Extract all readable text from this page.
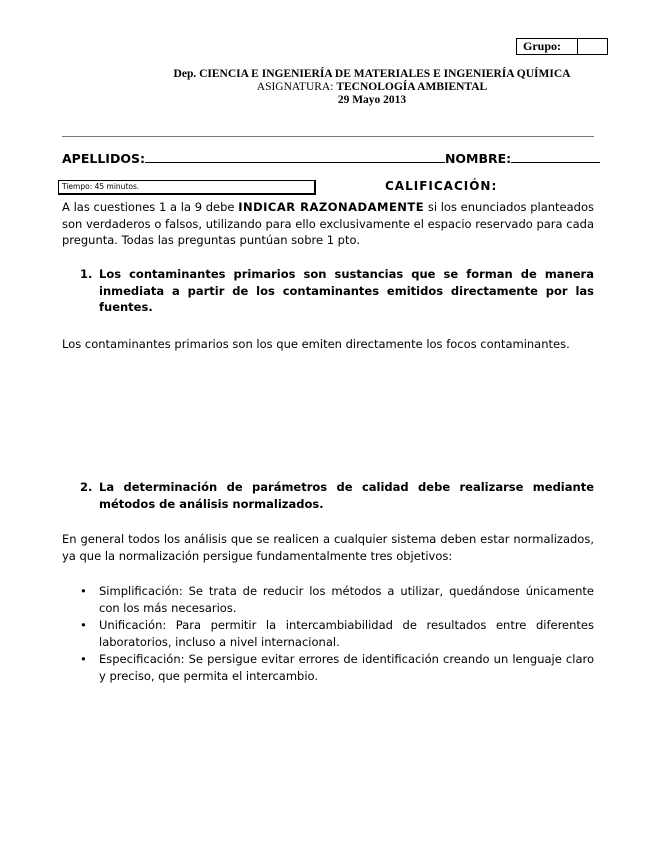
Grupo:
Dep. CIENCIA E INGENIERÍA DE MATERIALES E INGENIERÍA QUÍMICA
ASIGNATURA: TECNOLOGÍA AMBIENTAL
29 Mayo 2013
APELLIDOS:	NOMBRE:
Tiempo: 45 minutos.	CALIFICACIÓN:
A las cuestiones 1 a la 9 debe INDICAR RAZONADAMENTE si los enunciados planteados son verdaderos o falsos, utilizando para ello exclusivamente el espacio reservado para cada pregunta. Todas las preguntas puntúan sobre 1 pto.
1. Los contaminantes primarios son sustancias que se forman de manera inmediata a partir de los contaminantes emitidos directamente por las fuentes.
Los contaminantes primarios son los que emiten directamente los focos contaminantes.
2. La determinación de parámetros de calidad debe realizarse mediante métodos de análisis normalizados.
En general todos los análisis que se realicen a cualquier sistema deben estar normalizados, ya que la normalización persigue fundamentalmente tres objetivos:
• Simplificación: Se trata de reducir los métodos a utilizar, quedándose únicamente con los más necesarios.
• Unificación: Para permitir la intercambiabilidad de resultados entre diferentes laboratorios, incluso a nivel internacional.
• Especificación: Se persigue evitar errores de identificación creando un lenguaje claro y preciso, que permita el intercambio.
